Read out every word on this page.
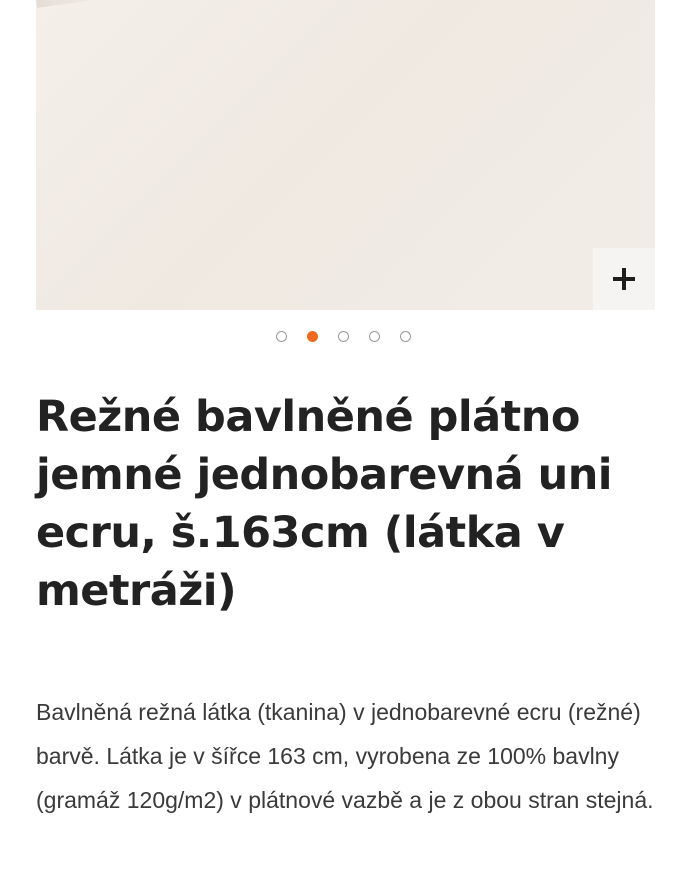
Režné bavlněné plátno jemné jednobarevná uni ecru, š.163cm (látka v metráži)

Bavlněná režná látka (tkanina) v jednobarevné ecru (režné) barvě. Látka je v šířce 163 cm, vyrobena ze 100% bavlny (gramáž 120g/m2) v plátnové vazbě a je z obou stran stejná.
